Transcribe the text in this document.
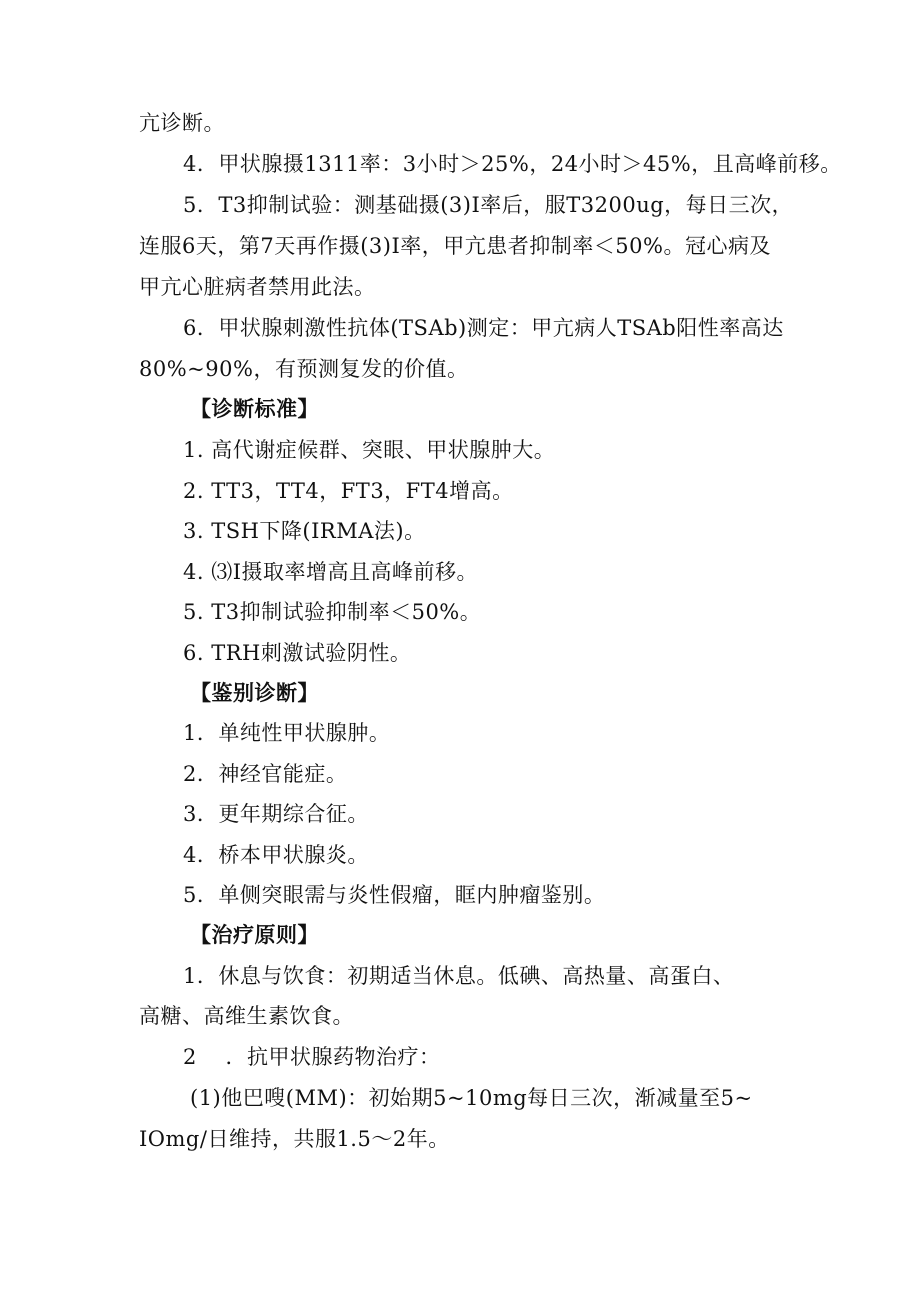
亢诊断。
4．甲状腺摄1311率：3小时＞25%，24小时＞45%，且高峰前移。
5．T3抑制试验：测基础摄(3)I率后，服T3200ug，每日三次，
连服6天，第7天再作摄(3)I率，甲亢患者抑制率＜50%。冠心病及
甲亢心脏病者禁用此法。
6．甲状腺刺激性抗体(TSAb)测定：甲亢病人TSAb阳性率高达
80%~90%，有预测复发的价值。
【诊断标准】
1. 高代谢症候群、突眼、甲状腺肿大。
2. TT3，TT4，FT3，FT4增高。
3. TSH下降(IRMA法)。
4. ⑶I摄取率增高且高峰前移。
5. T3抑制试验抑制率＜50%。
6. TRH刺激试验阴性。
【鉴别诊断】
1．单纯性甲状腺肿。
2．神经官能症。
3．更年期综合征。
4．桥本甲状腺炎。
5．单侧突眼需与炎性假瘤，眶内肿瘤鉴别。
【治疗原则】
1．休息与饮食：初期适当休息。低碘、高热量、高蛋白、
高糖、高维生素饮食。
2　 ．抗甲状腺药物治疗：
(1)他巴嗖(MM)：初始期5~10mg每日三次，渐减量至5~
IOmg/日维持，共服1.5～2年。
